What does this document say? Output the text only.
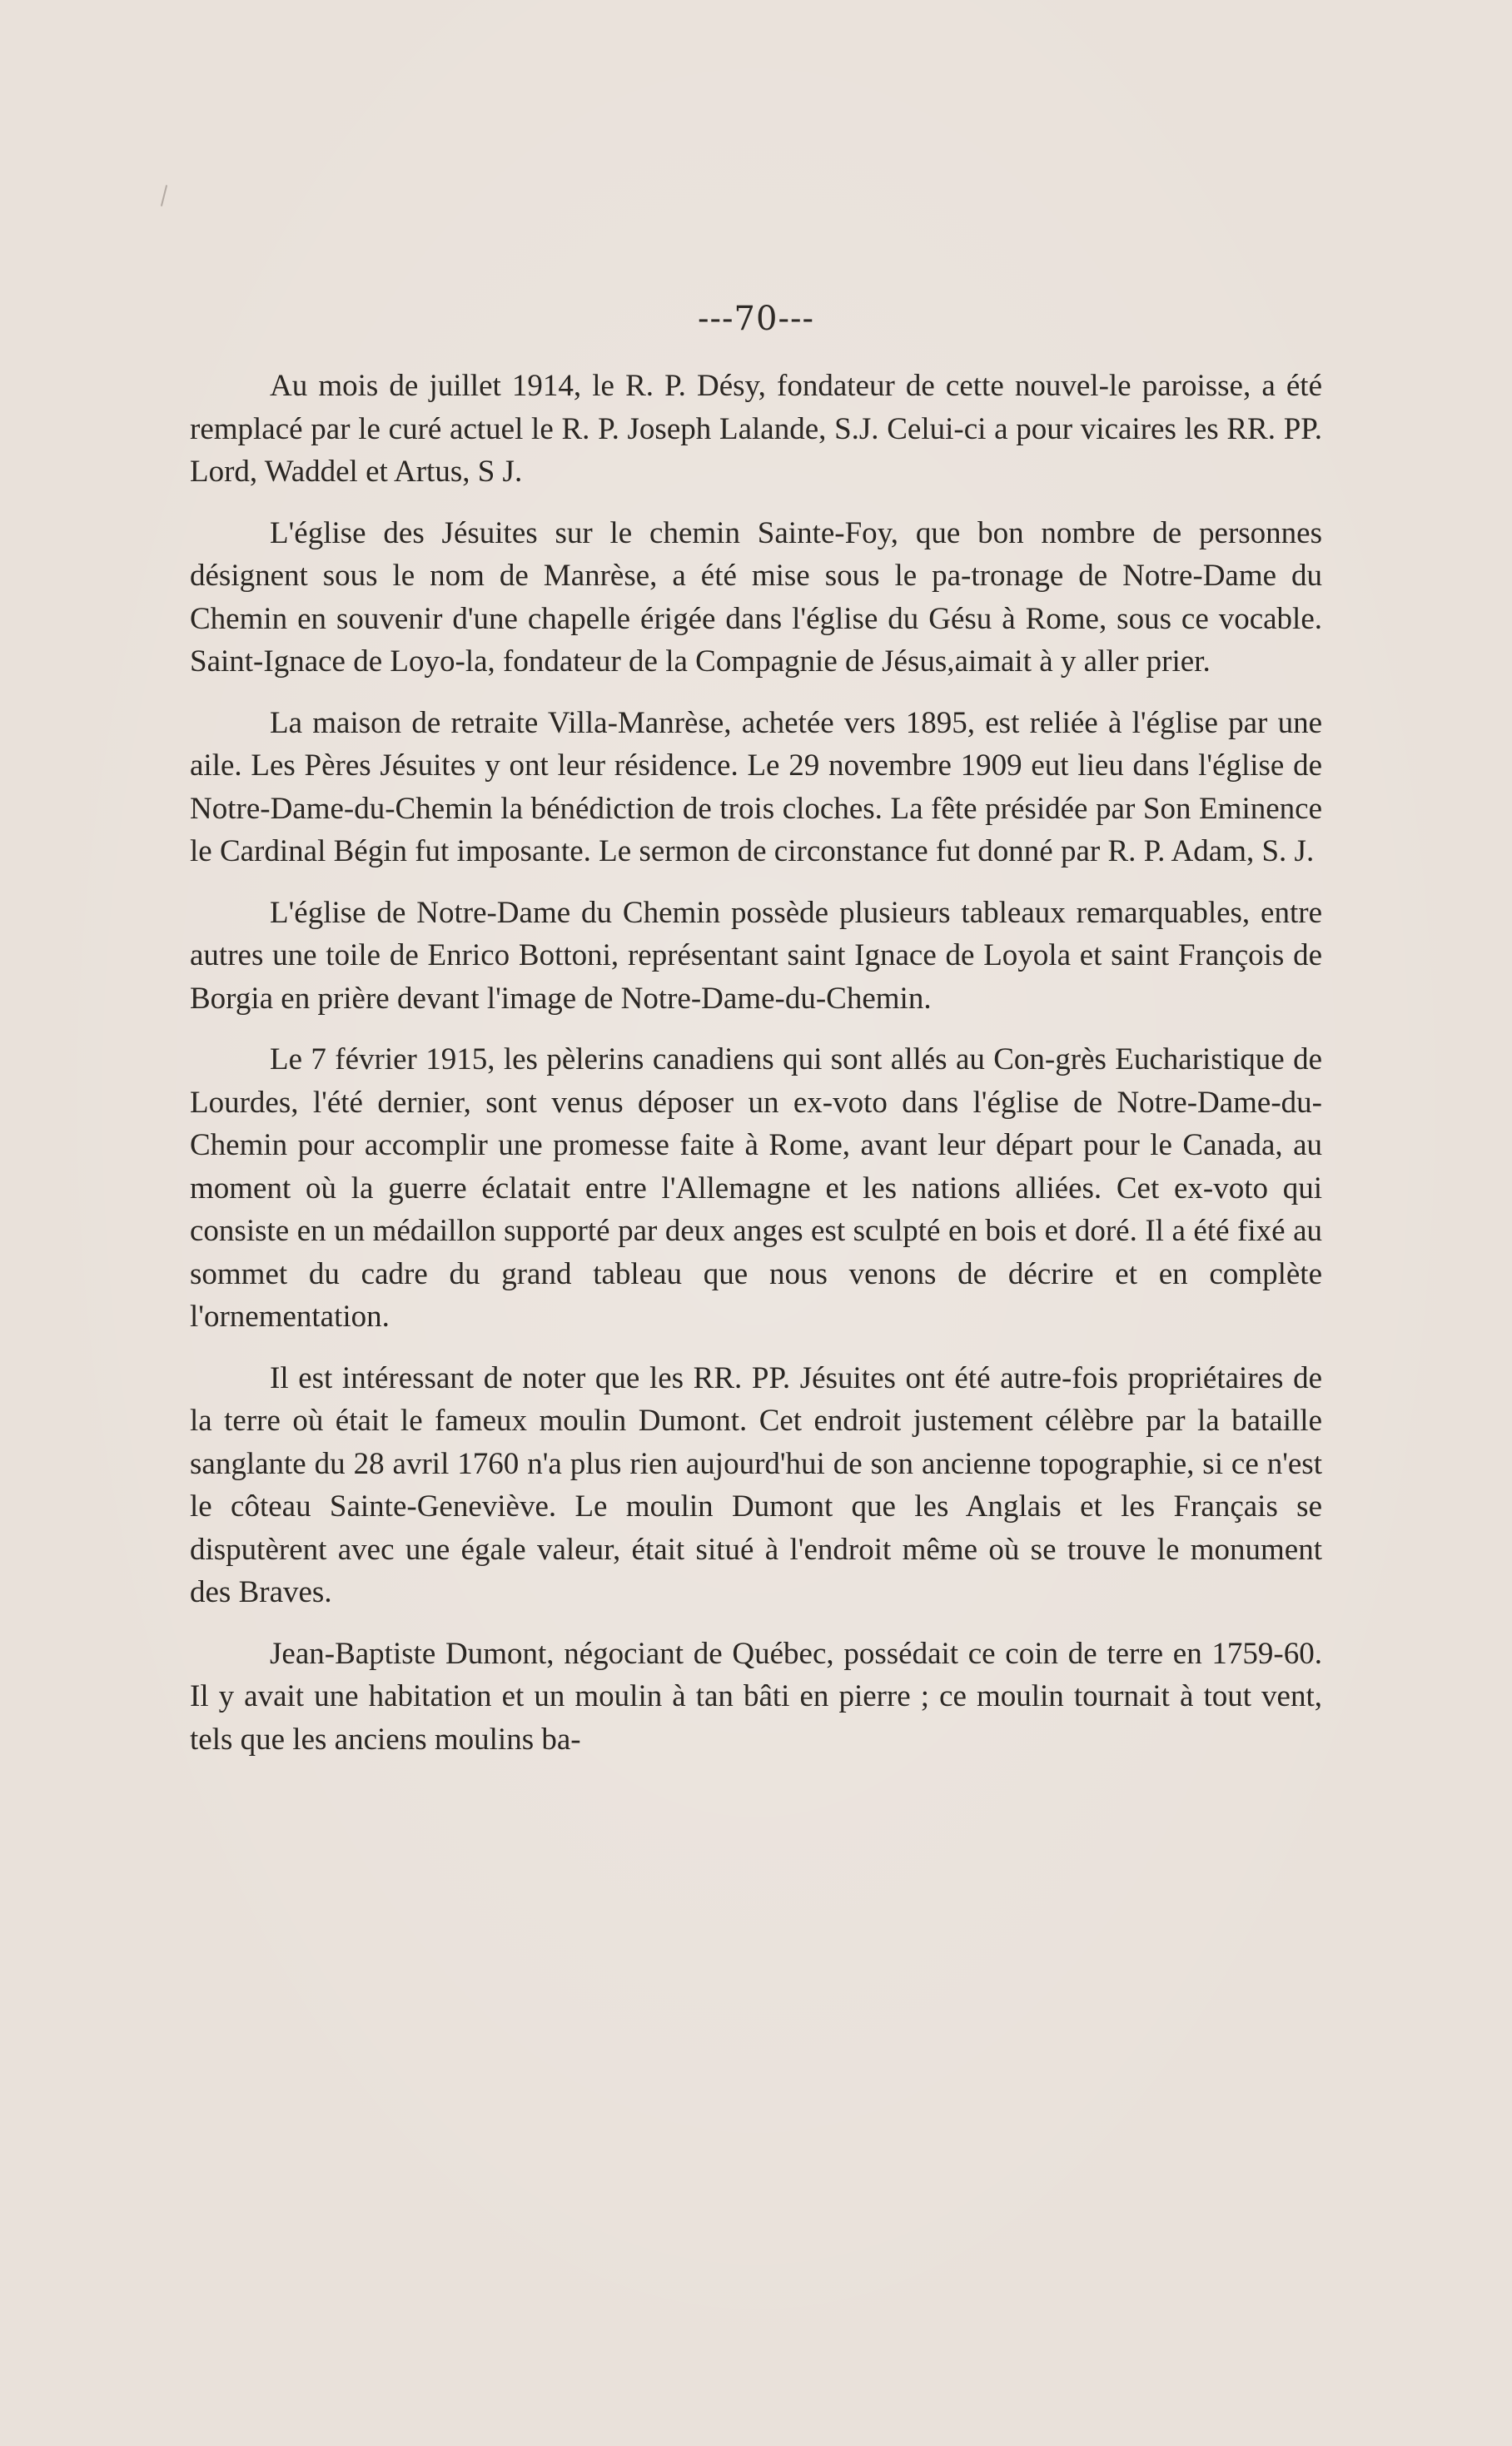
---70---

Au mois de juillet 1914, le R. P. Désy, fondateur de cette nouvel-le paroisse, a été remplacé par le curé actuel le R. P. Joseph Lalande, S.J. Celui-ci a pour vicaires les RR. PP. Lord, Waddel et Artus, S J.

L'église des Jésuites sur le chemin Sainte-Foy, que bon nombre de personnes désignent sous le nom de Manrèse, a été mise sous le pa-tronage de Notre-Dame du Chemin en souvenir d'une chapelle érigée dans l'église du Gésu à Rome, sous ce vocable. Saint-Ignace de Loyo-la, fondateur de la Compagnie de Jésus,aimait à y aller prier.

La maison de retraite Villa-Manrèse, achetée vers 1895, est reliée à l'église par une aile. Les Pères Jésuites y ont leur résidence. Le 29 novembre 1909 eut lieu dans l'église de Notre-Dame-du-Chemin la bénédiction de trois cloches. La fête présidée par Son Eminence le Cardinal Bégin fut imposante. Le sermon de circonstance fut donné par R. P. Adam, S. J.

L'église de Notre-Dame du Chemin possède plusieurs tableaux remarquables, entre autres une toile de Enrico Bottoni, représentant saint Ignace de Loyola et saint François de Borgia en prière devant l'image de Notre-Dame-du-Chemin.

Le 7 février 1915, les pèlerins canadiens qui sont allés au Con-grès Eucharistique de Lourdes, l'été dernier, sont venus déposer un ex-voto dans l'église de Notre-Dame-du-Chemin pour accomplir une promesse faite à Rome, avant leur départ pour le Canada, au moment où la guerre éclatait entre l'Allemagne et les nations alliées. Cet ex-voto qui consiste en un médaillon supporté par deux anges est sculpté en bois et doré. Il a été fixé au sommet du cadre du grand tableau que nous venons de décrire et en complète l'ornementation.

Il est intéressant de noter que les RR. PP. Jésuites ont été autre-fois propriétaires de la terre où était le fameux moulin Dumont. Cet endroit justement célèbre par la bataille sanglante du 28 avril 1760 n'a plus rien aujourd'hui de son ancienne topographie, si ce n'est le côteau Sainte-Geneviève. Le moulin Dumont que les Anglais et les Français se disputèrent avec une égale valeur, était situé à l'endroit même où se trouve le monument des Braves.

Jean-Baptiste Dumont, négociant de Québec, possédait ce coin de terre en 1759-60. Il y avait une habitation et un moulin à tan bâti en pierre ; ce moulin tournait à tout vent, tels que les anciens moulins ba-
